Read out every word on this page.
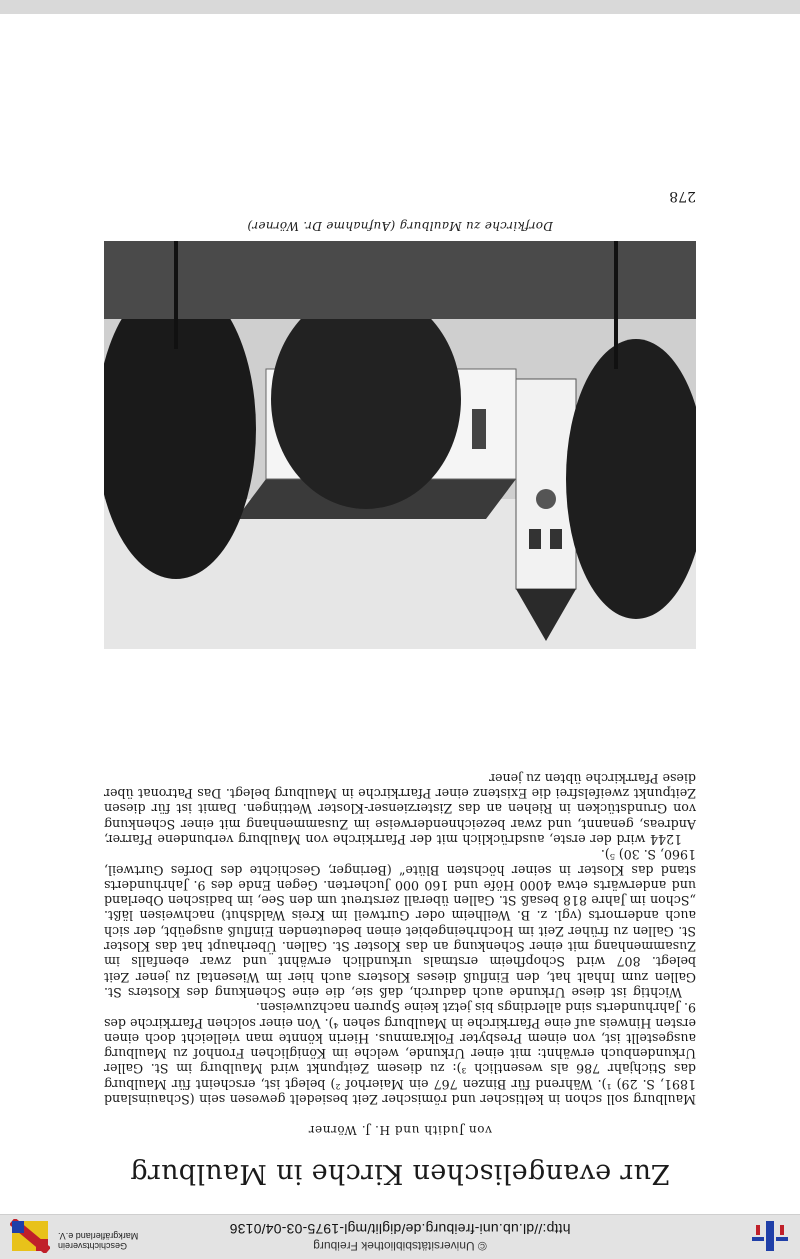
Geschichtsverein
Markgräflerland e.V.
© Universitätsbibliothek Freiburg
http://dl.ub.uni-freiburg.de/diglit/mgl-1975-03-04/0136
Zur evangelischen Kirche in Maulburg
von Judith und H. J. Wörner

Maulburg soll schon in keltischer und römischer Zeit besiedelt gewesen sein (Schauinsland 1891, S. 29) ¹). Während für Binzen 767 ein Maierhof ²) belegt ist, erscheint für Maulburg das Stichjahr 786 als wesentlich ³): zu diesem Zeitpunkt wird Maulburg im St. Galler Urkundenbuch erwähnt: mit einer Urkunde, welche im Königlichen Fronhof zu Maulburg ausgestellt ist, von einem Presbyter Folkramnus. Hierin könnte man vielleicht doch einen ersten Hinweis auf eine Pfarrkirche in Maulburg sehen ⁴). Von einer solchen Pfarrkirche des 9. Jahrhunderts sind allerdings bis jetzt keine Spuren nachzuweisen.

Wichtig ist diese Urkunde auch dadurch, daß sie, die eine Schenkung des Klosters St. Gallen zum Inhalt hat, den Einfluß dieses Klosters auch hier im Wiesental zu jener Zeit belegt. 807 wird Schopfheim erstmals urkundlich erwähnt und zwar ebenfalls im Zusammenhang mit einer Schenkung an das Kloster St. Gallen. Überhaupt hat das Kloster St. Gallen zu früher Zeit im Hochrheingebiet einen bedeutenden Einfluß ausgeübt, der sich auch andernorts (vgl. z. B. Weilheim oder Gurtweil im Kreis Waldshut) nachweisen läßt. „Schon im Jahre 818 besaß St. Gallen überall zerstreut um den See, im badischen Oberland und anderwärts etwa 4000 Höfe und 160 000 Jucherten. Gegen Ende des 9. Jahrhunderts stand das Kloster in seiner höchsten Blüte“ (Beringer, Geschichte des Dorfes Gurtweil, 1960, S. 30) ⁵).

1244 wird der erste, ausdrücklich mit der Pfarrkirche von Maulburg verbundene Pfarrer, Andreas, genannt, und zwar bezeichnenderweise im Zusammenhang mit einer Schenkung von Grundstücken in Riehen an das Zisterzienser-Kloster Wettingen. Damit ist für diesen Zeitpunkt zweifelsfrei die Existenz einer Pfarrkirche in Maulburg belegt. Das Patronat über diese Pfarrkirche übten zu jener

Dorfkirche zu Maulburg (Aufnahme Dr. Wörner)
278
